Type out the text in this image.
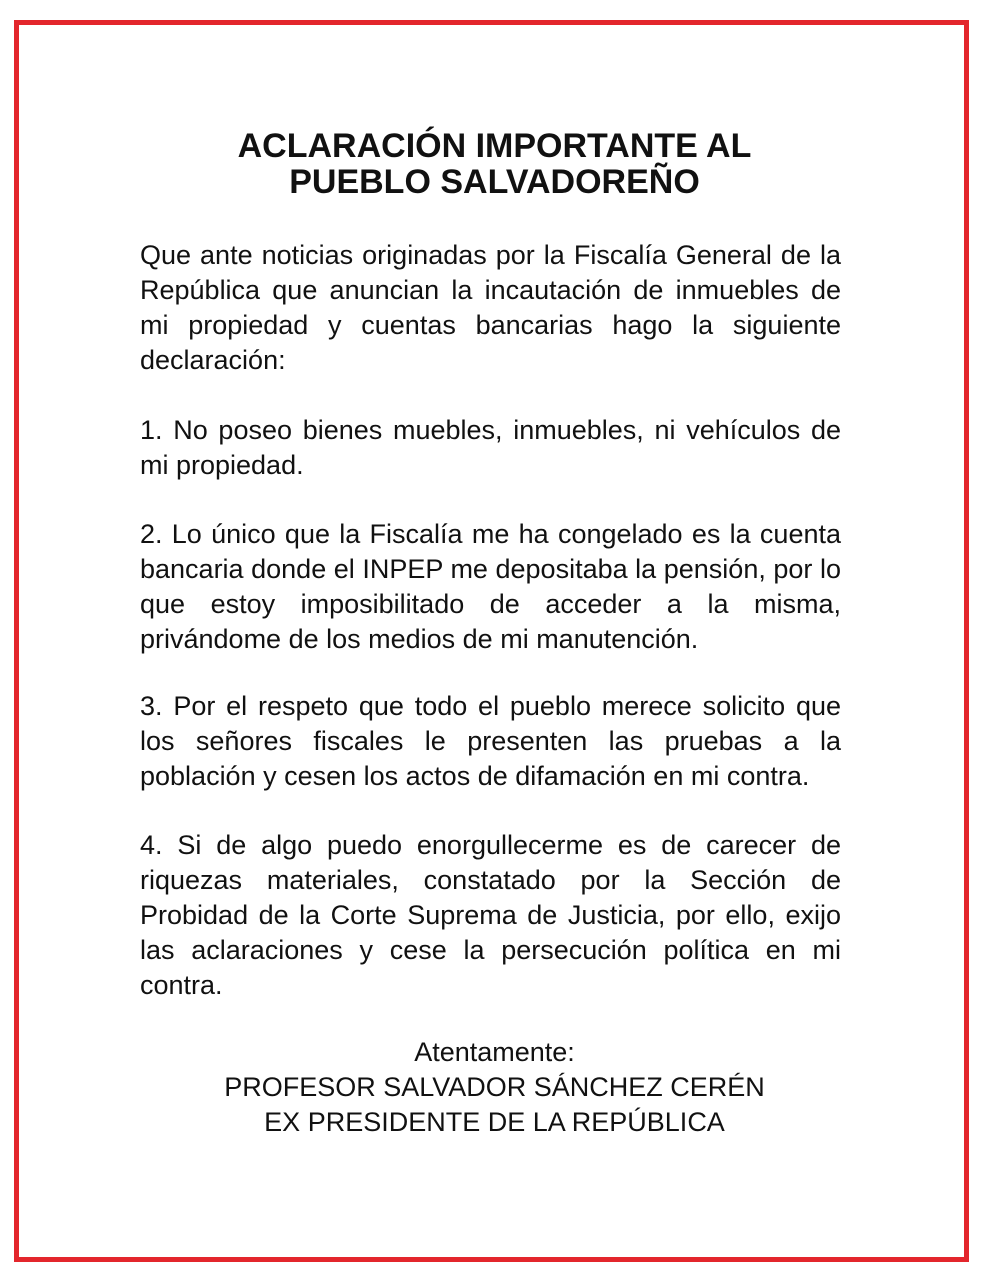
ACLARACIÓN IMPORTANTE AL
PUEBLO SALVADOREÑO

Que ante noticias originadas por la Fiscalía General de la República que anuncian la incautación de inmuebles de mi propiedad y cuentas bancarias hago la siguiente declaración:

1. No poseo bienes muebles, inmuebles, ni vehículos de mi propiedad.

2. Lo único que la Fiscalía me ha congelado es la cuenta bancaria donde el INPEP me depositaba la pensión, por lo que estoy imposibilitado de acceder a la misma, privándome de los medios de mi manutención.

3. Por el respeto que todo el pueblo merece solicito que los señores fiscales le presenten las pruebas a la población y cesen los actos de difamación en mi contra.

4. Si de algo puedo enorgullecerme es de carecer de riquezas materiales, constatado por la Sección de Probidad de la Corte Suprema de Justicia, por ello, exijo las aclaraciones y cese la persecución política en mi contra.

Atentamente:
PROFESOR SALVADOR SÁNCHEZ CERÉN
EX PRESIDENTE DE LA REPÚBLICA
